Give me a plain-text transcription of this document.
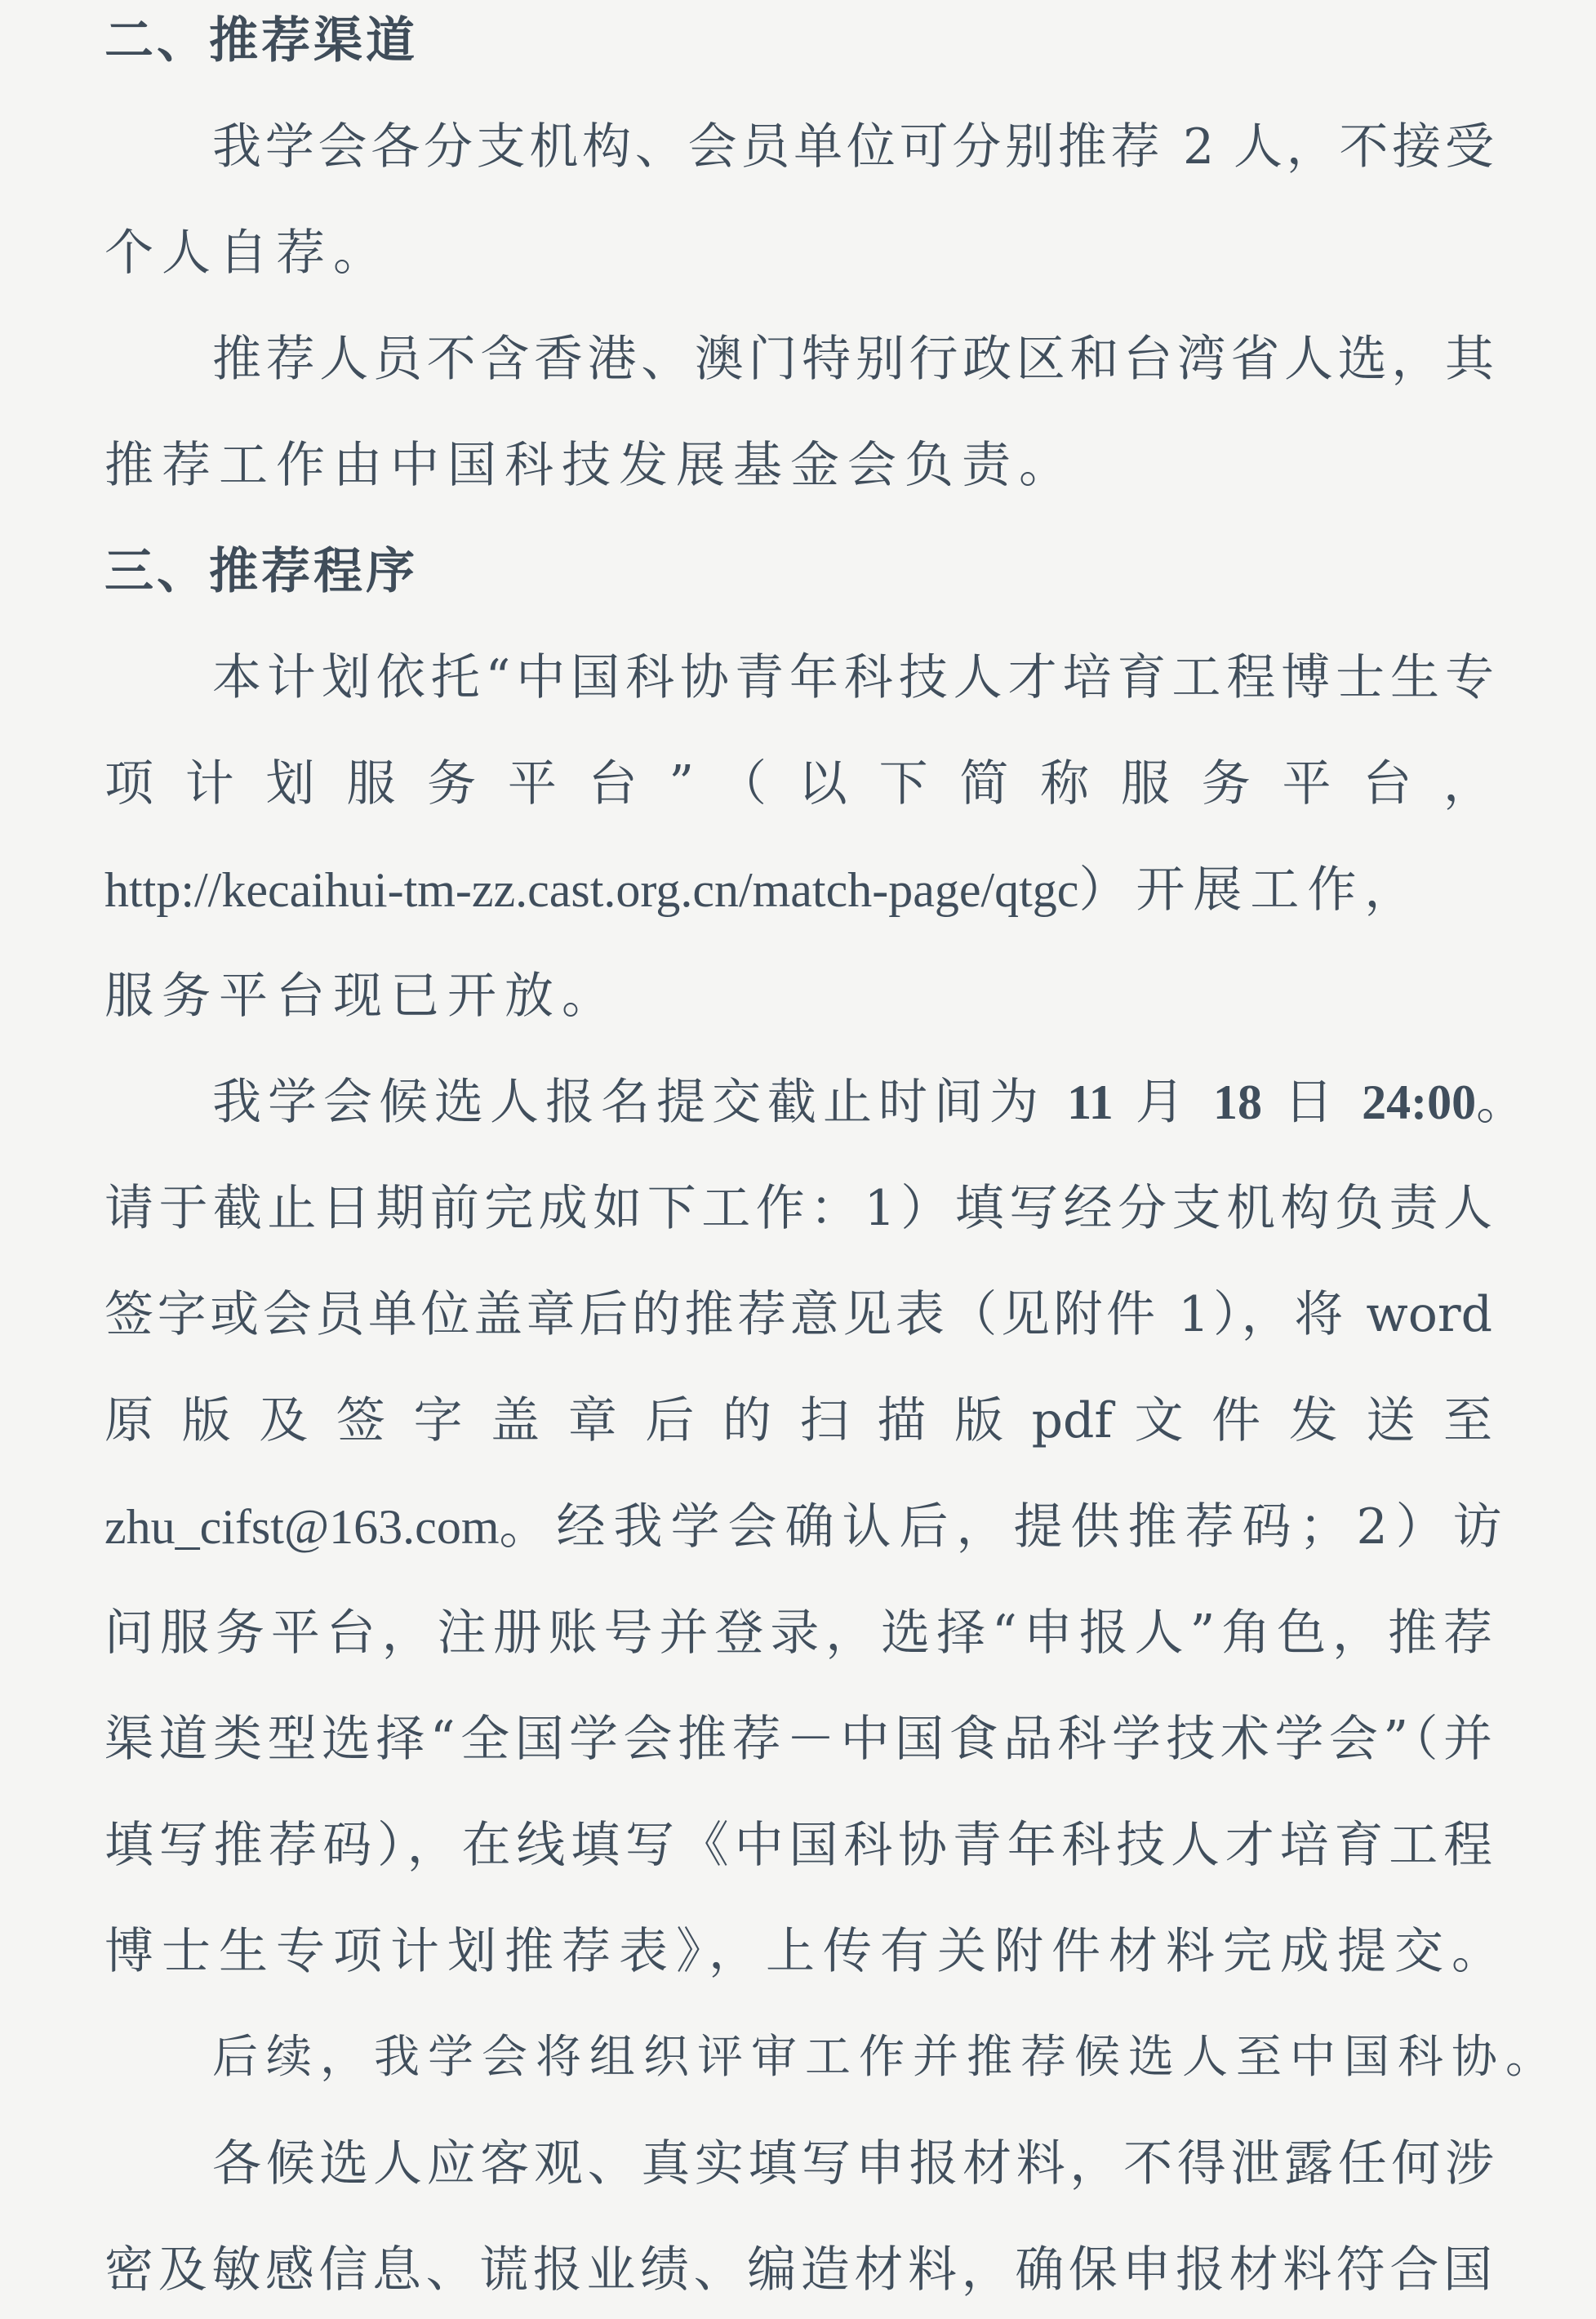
二、推荐渠道
我学会各分支机构、会员单位可分别推荐 2 人，不接受
个人自荐。
推荐人员不含香港、澳门特别行政区和台湾省人选，其
推荐工作由中国科技发展基金会负责。
三、推荐程序
本计划依托“中国科协青年科技人才培育工程博士生专
项 计 划 服 务 平 台 ” （ 以 下 简 称 服 务 平 台 ，
http://kecaihui-tm-zz.cast.org.cn/match-page/qtgc）开展工作，
服务平台现已开放。
我学会候选人报名提交截止时间为 11 月 18 日 24:00。
请于截止日期前完成如下工作：1）填写经分支机构负责人
签字或会员单位盖章后的推荐意见表（见附件 1），将 word
原 版 及 签 字 盖 章 后 的 扫 描 版 pdf 文 件 发 送 至
zhu_cifst@163.com。经我学会确认后，提供推荐码；2）访
问服务平台，注册账号并登录，选择“申报人”角色，推荐
渠道类型选择“全国学会推荐－中国食品科学技术学会”（并
填写推荐码），在线填写《中国科协青年科技人才培育工程
博士生专项计划推荐表》，上传有关附件材料完成提交。
后续，我学会将组织评审工作并推荐候选人至中国科协。
各候选人应客观、真实填写申报材料，不得泄露任何涉
密及敏感信息、谎报业绩、编造材料，确保申报材料符合国
